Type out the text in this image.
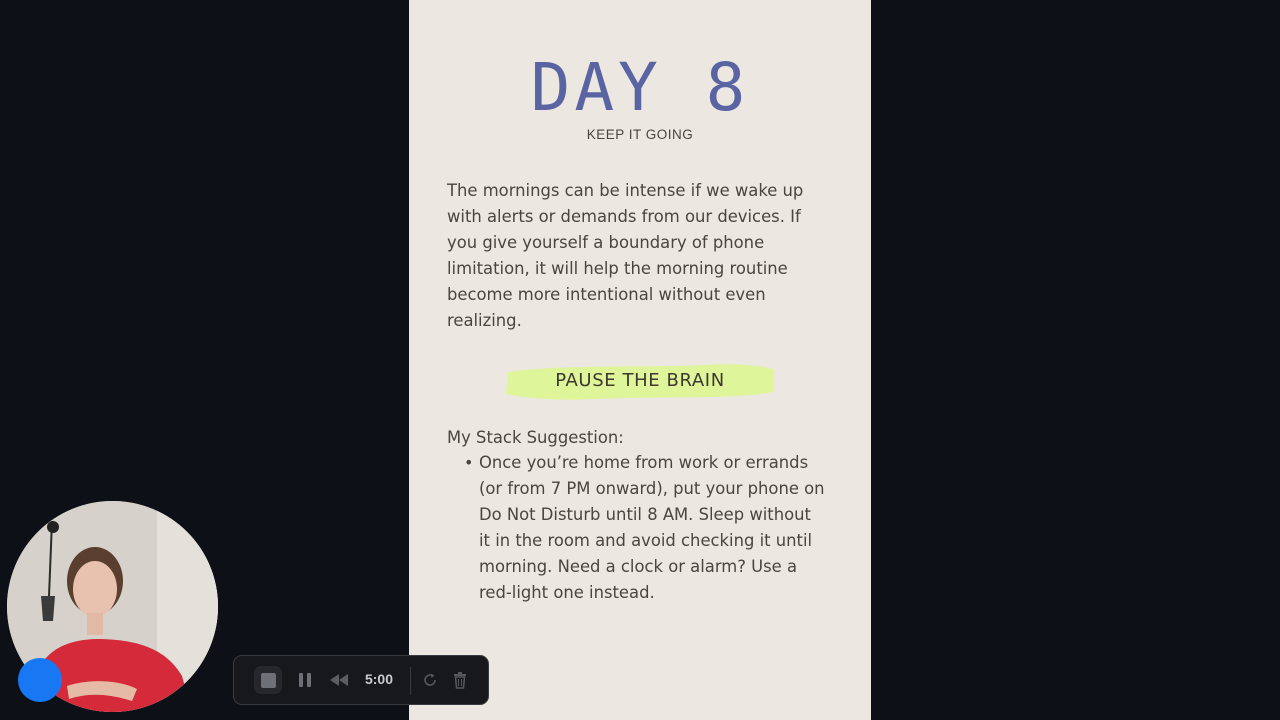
DAY 8
KEEP IT GOING

The mornings can be intense if we wake up
with alerts or demands from our devices. If
you give yourself a boundary of phone
limitation, it will help the morning routine
become more intentional without even
realizing.

PAUSE THE BRAIN
My Stack Suggestion:
• Once you’re home from work or errands
(or from 7 PM onward), put your phone on
Do Not Disturb until 8 AM. Sleep without
it in the room and avoid checking it until
morning. Need a clock or alarm? Use a
red-light one instead.
5:00
